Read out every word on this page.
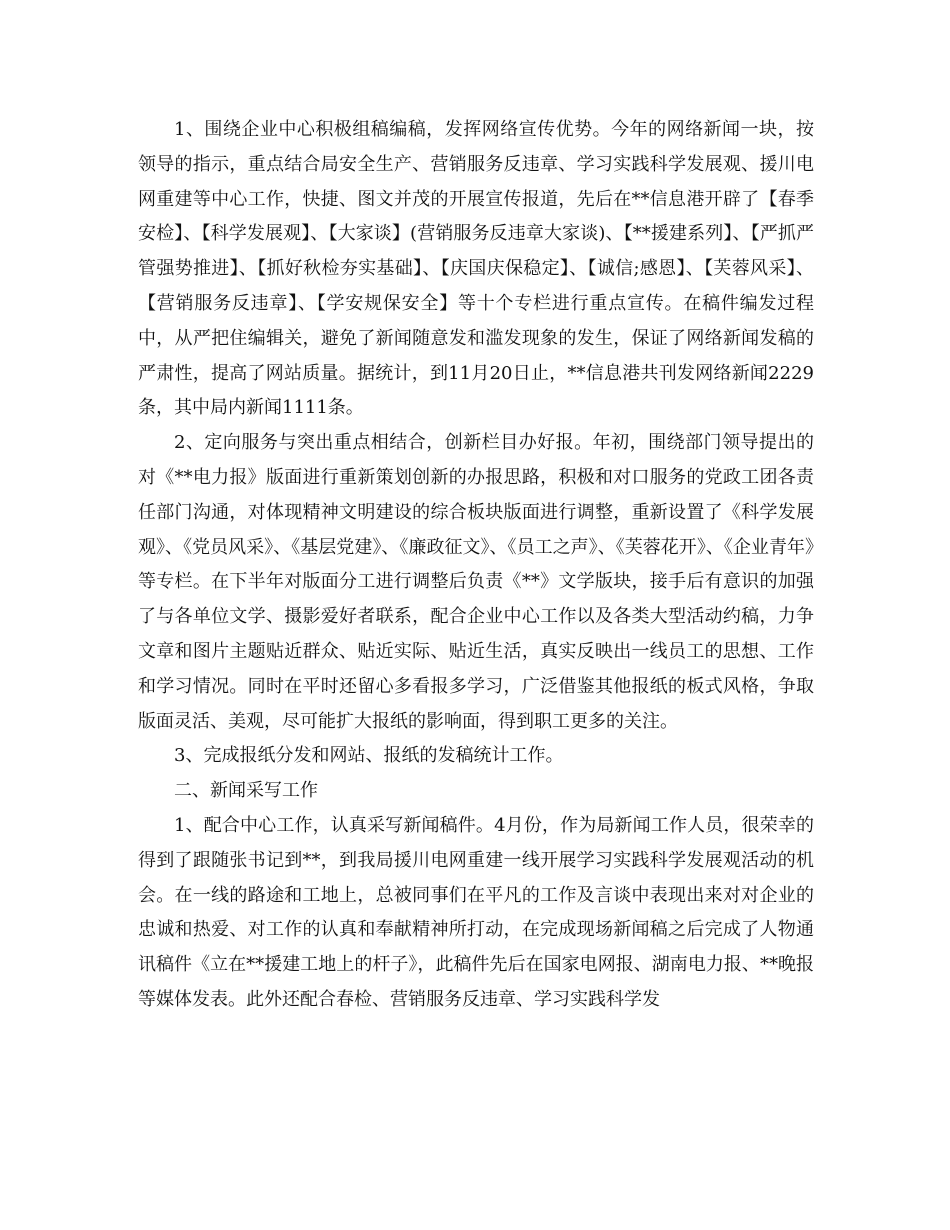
1、围绕企业中心积极组稿编稿，发挥网络宣传优势。今年的网络新闻一块，按领导的指示，重点结合局安全生产、营销服务反违章、学习实践科学发展观、援川电网重建等中心工作，快捷、图文并茂的开展宣传报道，先后在**信息港开辟了【春季安检】、【科学发展观】、【大家谈】(营销服务反违章大家谈)、【**援建系列】、【严抓严管强势推进】、【抓好秋检夯实基础】、【庆国庆保稳定】、【诚信;感恩】、【芙蓉风采】、【营销服务反违章】、【学安规保安全】等十个专栏进行重点宣传。在稿件编发过程中，从严把住编辑关，避免了新闻随意发和滥发现象的发生，保证了网络新闻发稿的严肃性，提高了网站质量。据统计，到11月20日止，**信息港共刊发网络新闻2229条，其中局内新闻1111条。

2、定向服务与突出重点相结合，创新栏目办好报。年初，围绕部门领导提出的对《**电力报》版面进行重新策划创新的办报思路，积极和对口服务的党政工团各责任部门沟通，对体现精神文明建设的综合板块版面进行调整，重新设置了《科学发展观》、《党员风采》、《基层党建》、《廉政征文》、《员工之声》、《芙蓉花开》、《企业青年》等专栏。在下半年对版面分工进行调整后负责《**》文学版块，接手后有意识的加强了与各单位文学、摄影爱好者联系，配合企业中心工作以及各类大型活动约稿，力争文章和图片主题贴近群众、贴近实际、贴近生活，真实反映出一线员工的思想、工作和学习情况。同时在平时还留心多看报多学习，广泛借鉴其他报纸的板式风格，争取版面灵活、美观，尽可能扩大报纸的影响面，得到职工更多的关注。

3、完成报纸分发和网站、报纸的发稿统计工作。

二、新闻采写工作

1、配合中心工作，认真采写新闻稿件。4月份，作为局新闻工作人员，很荣幸的得到了跟随张书记到**，到我局援川电网重建一线开展学习实践科学发展观活动的机会。在一线的路途和工地上，总被同事们在平凡的工作及言谈中表现出来对对企业的忠诚和热爱、对工作的认真和奉献精神所打动，在完成现场新闻稿之后完成了人物通讯稿件《立在**援建工地上的杆子》，此稿件先后在国家电网报、湖南电力报、**晚报等媒体发表。此外还配合春检、营销服务反违章、学习实践科学发
